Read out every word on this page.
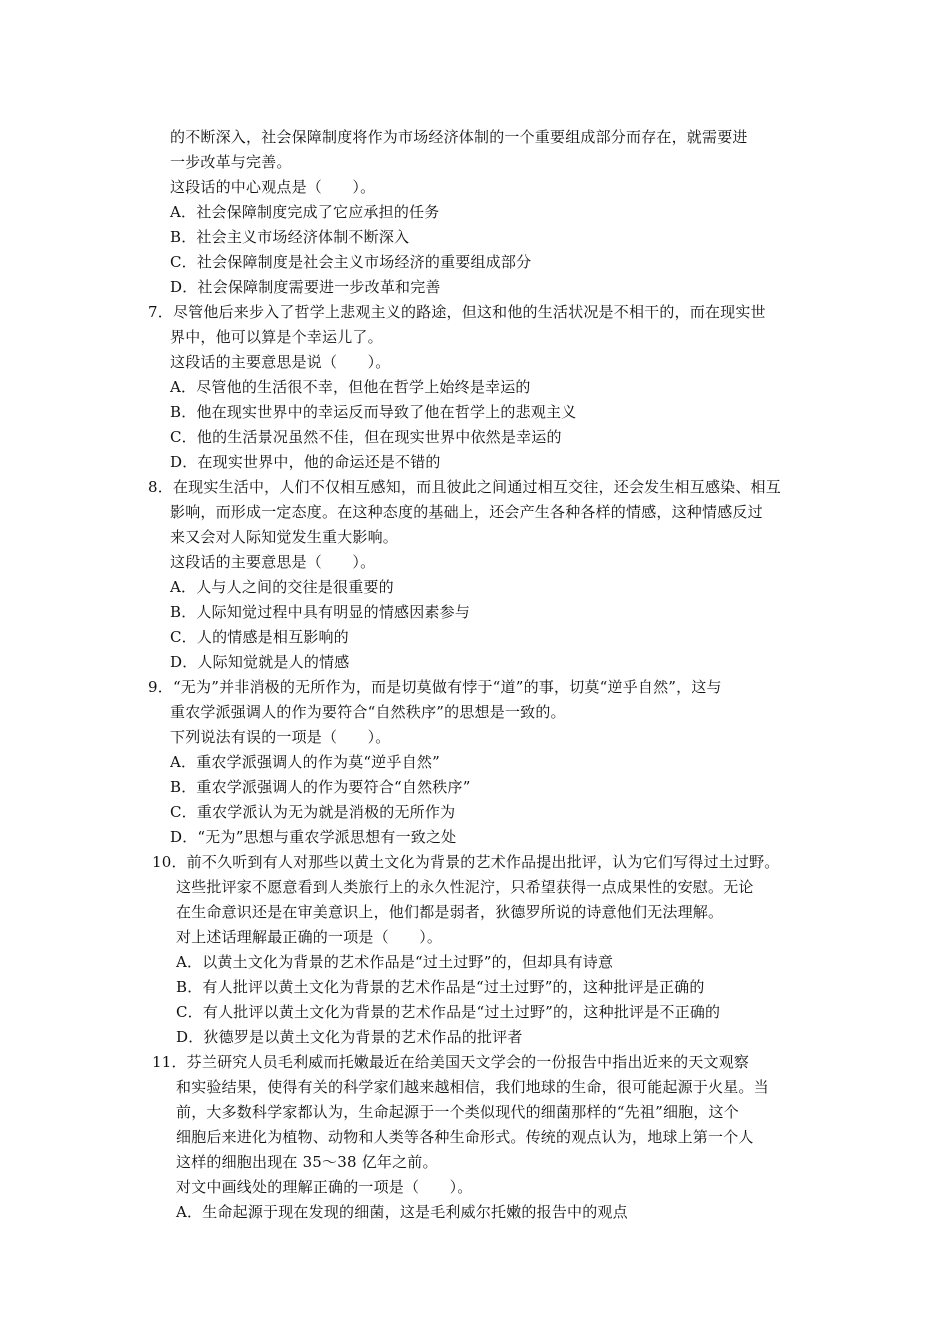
的不断深入，社会保障制度将作为市场经济体制的一个重要组成部分而存在，就需要进
一步改革与完善。
这段话的中心观点是（　　）。
A．社会保障制度完成了它应承担的任务
B．社会主义市场经济体制不断深入
C．社会保障制度是社会主义市场经济的重要组成部分
D．社会保障制度需要进一步改革和完善
7．尽管他后来步入了哲学上悲观主义的路途，但这和他的生活状况是不相干的，而在现实世
界中，他可以算是个幸运儿了。
这段话的主要意思是说（　　）。
A．尽管他的生活很不幸，但他在哲学上始终是幸运的
B．他在现实世界中的幸运反而导致了他在哲学上的悲观主义
C．他的生活景况虽然不佳，但在现实世界中依然是幸运的
D．在现实世界中，他的命运还是不错的
8．在现实生活中，人们不仅相互感知，而且彼此之间通过相互交往，还会发生相互感染、相互
影响，而形成一定态度。在这种态度的基础上，还会产生各种各样的情感，这种情感反过
来又会对人际知觉发生重大影响。
这段话的主要意思是（　　）。
A．人与人之间的交往是很重要的
B．人际知觉过程中具有明显的情感因素参与
C．人的情感是相互影响的
D．人际知觉就是人的情感
9．“无为”并非消极的无所作为，而是切莫做有悖于“道”的事，切莫“逆乎自然”，这与
重农学派强调人的作为要符合“自然秩序”的思想是一致的。
下列说法有误的一项是（　　）。
A．重农学派强调人的作为莫“逆乎自然”
B．重农学派强调人的作为要符合“自然秩序”
C．重农学派认为无为就是消极的无所作为
D．“无为”思想与重农学派思想有一致之处
10．前不久听到有人对那些以黄土文化为背景的艺术作品提出批评，认为它们写得过土过野。
这些批评家不愿意看到人类旅行上的永久性泥泞，只希望获得一点成果性的安慰。无论
在生命意识还是在审美意识上，他们都是弱者，狄德罗所说的诗意他们无法理解。
对上述话理解最正确的一项是（　　）。
A．以黄土文化为背景的艺术作品是“过土过野”的，但却具有诗意
B．有人批评以黄土文化为背景的艺术作品是“过土过野”的，这种批评是正确的
C．有人批评以黄土文化为背景的艺术作品是“过土过野”的，这种批评是不正确的
D．狄德罗是以黄土文化为背景的艺术作品的批评者
11．芬兰研究人员毛利威而托嫩最近在给美国天文学会的一份报告中指出近来的天文观察
和实验结果，使得有关的科学家们越来越相信，我们地球的生命，很可能起源于火星。当
前，大多数科学家都认为，生命起源于一个类似现代的细菌那样的“先祖”细胞，这个
细胞后来进化为植物、动物和人类等各种生命形式。传统的观点认为，地球上第一个人
这样的细胞出现在 35～38 亿年之前。
对文中画线处的理解正确的一项是（　　）。
A．生命起源于现在发现的细菌，这是毛利威尔托嫩的报告中的观点
